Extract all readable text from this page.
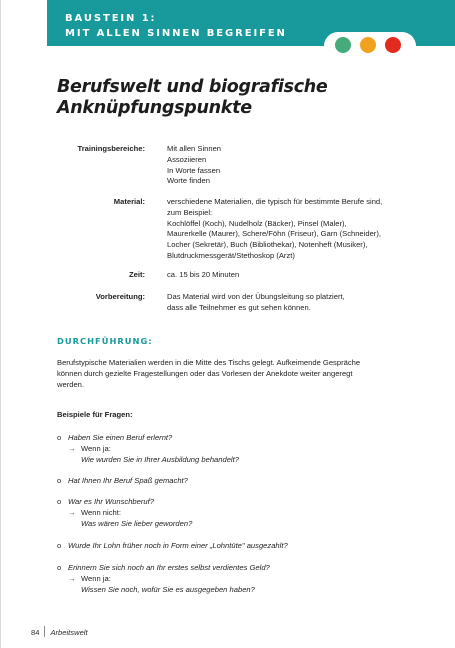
BAUSTEIN 1:
MIT ALLEN SINNEN BEGREIFEN
Berufswelt und biografische
Anknüpfungspunkte
Trainingsbereiche:	Mit allen Sinnen
Assoziieren
In Worte fassen
Worte finden
Material:	verschiedene Materialien, die typisch für bestimmte Berufe sind,
zum Beispiel:
Kochlöffel (Koch), Nudelholz (Bäcker), Pinsel (Maler),
Maurerkelle (Maurer), Schere/Föhn (Friseur), Garn (Schneider),
Locher (Sekretär), Buch (Bibliothekar), Notenheft (Musiker),
Blutdruckmessgerät/Stethoskop (Arzt)
Zeit:	ca. 15 bis 20 Minuten
Vorbereitung:	Das Material wird von der Übungsleitung so platziert,
dass alle Teilnehmer es gut sehen können.
DURCHFÜHRUNG:
Berufstypische Materialien werden in die Mitte des Tischs gelegt. Aufkeimende Gespräche
können durch gezielte Fragestellungen oder das Vorlesen der Anekdote weiter angeregt
werden.
Beispiele für Fragen:
o Haben Sie einen Beruf erlernt?
→ Wenn ja:
Wie wurden Sie in Ihrer Ausbildung behandelt?
o Hat Ihnen Ihr Beruf Spaß gemacht?
o War es Ihr Wunschberuf?
→ Wenn nicht:
Was wären Sie lieber geworden?
o Wurde Ihr Lohn früher noch in Form einer „Lohntüte" ausgezahlt?
o Erinnern Sie sich noch an Ihr erstes selbst verdientes Geld?
→ Wenn ja:
Wissen Sie noch, wofür Sie es ausgegeben haben?
84 Arbeitswelt
